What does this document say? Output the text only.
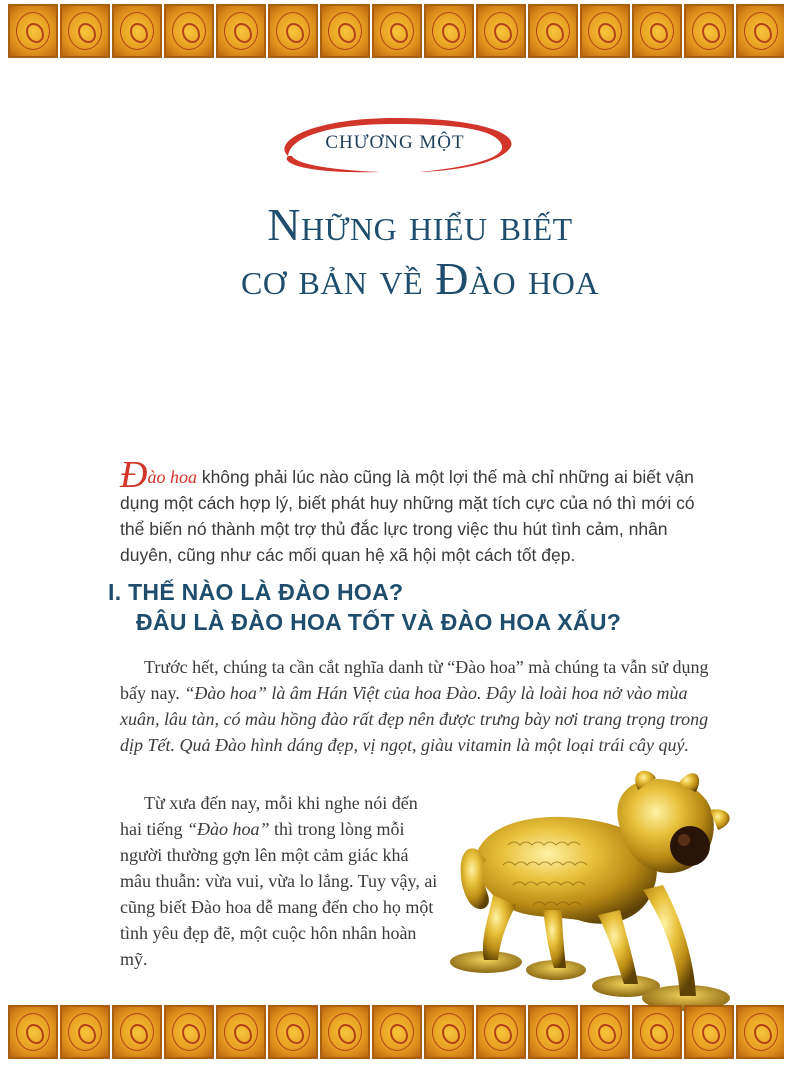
CHƯƠNG MỘT
Những hiểu biết
cơ bản về Đào hoa
Đào hoa không phải lúc nào cũng là một lợi thế mà chỉ những ai biết vận dụng một cách hợp lý, biết phát huy những mặt tích cực của nó thì mới có thể biến nó thành một trợ thủ đắc lực trong việc thu hút tình cảm, nhân duyên, cũng như các mối quan hệ xã hội một cách tốt đẹp.
I. THẾ NÀO LÀ ĐÀO HOA?
ĐÂU LÀ ĐÀO HOA TỐT VÀ ĐÀO HOA XẤU?

Trước hết, chúng ta cần cắt nghĩa danh từ “Đào hoa” mà chúng ta vẫn sử dụng bấy nay. “Đào hoa” là âm Hán Việt của hoa Đào. Đây là loài hoa nở vào mùa xuân, lâu tàn, có màu hồng đào rất đẹp nên được trưng bày nơi trang trọng trong dịp Tết. Quả Đào hình dáng đẹp, vị ngọt, giàu vitamin là một loại trái cây quý.

Từ xưa đến nay, mỗi khi nghe nói đến hai tiếng “Đào hoa” thì trong lòng mỗi người thường gợn lên một cảm giác khá mâu thuẫn: vừa vui, vừa lo lắng. Tuy vậy, ai cũng biết Đào hoa dễ mang đến cho họ một tình yêu đẹp đẽ, một cuộc hôn nhân hoàn mỹ.
